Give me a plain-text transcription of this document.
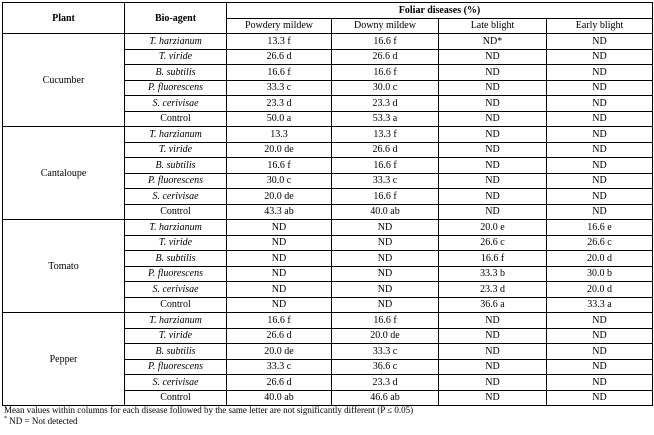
Plant	Bio-agent	Foliar diseases (%)			
		Powdery mildew	Downy mildew	Late blight	Early blight
Cucumber	T. harzianum	13.3 f	16.6 f	ND*	ND
	T. viride	26.6 d	26.6 d	ND	ND
	B. subtilis	16.6 f	16.6 f	ND	ND
	P. fluorescens	33.3 c	30.0 c	ND	ND
	S. cerivisae	23.3 d	23.3 d	ND	ND
	Control	50.0 a	53.3 a	ND	ND
Cantaloupe	T. harzianum	13.3	13.3 f	ND	ND
	T. viride	20.0 de	26.6 d	ND	ND
	B. subtilis	16.6 f	16.6 f	ND	ND
	P. fluorescens	30.0 c	33.3 c	ND	ND
	S. cerivisae	20.0 de	16.6 f	ND	ND
	Control	43.3 ab	40.0 ab	ND	ND
Tomato	T. harzianum	ND	ND	20.0 e	16.6 e
	T. viride	ND	ND	26.6 c	26.6 c
	B. subtilis	ND	ND	16.6 f	20.0 d
	P. fluorescens	ND	ND	33.3 b	30.0 b
	S. cerivisae	ND	ND	23.3 d	20.0 d
	Control	ND	ND	36.6 a	33.3 a
Pepper	T. harzianum	16.6 f	16.6 f	ND	ND
	T. viride	26.6 d	20.0 de	ND	ND
	B. subtilis	20.0 de	33.3 c	ND	ND
	P. fluorescens	33.3 c	36.6 c	ND	ND
	S. cerivisae	26.6 d	23.3 d	ND	ND
	Control	40.0 ab	46.6 ab	ND	ND
Mean values within columns for each disease followed by the same letter are not significantly different (P ≤ 0.05)
* ND = Not detected
